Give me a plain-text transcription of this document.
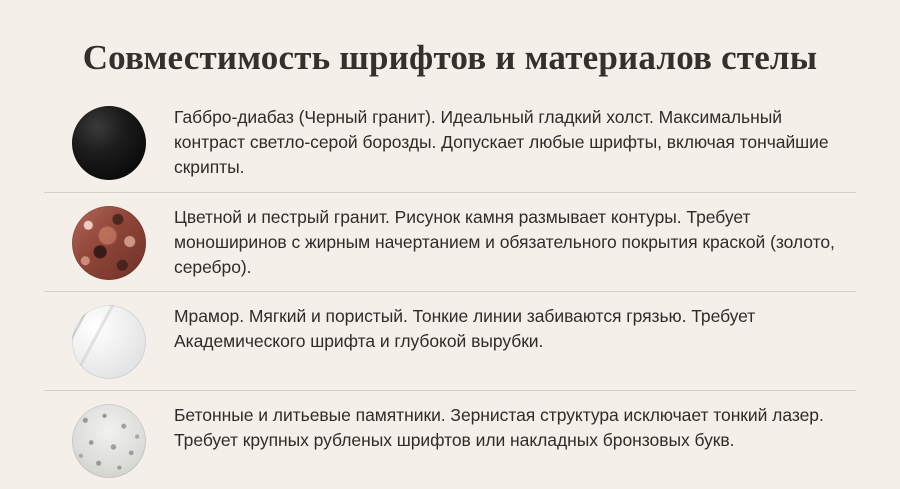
Совместимость шрифтов и материалов стелы
Габбро-диабаз (Черный гранит). Идеальный гладкий холст. Максимальный контраст светло-серой борозды. Допускает любые шрифты, включая тончайшие скрипты.
Цветной и пестрый гранит. Рисунок камня размывает контуры. Требует моноширинов с жирным начертанием и обязательного покрытия краской (золото, серебро).
Мрамор. Мягкий и пористый. Тонкие линии забиваются грязью. Требует Академического шрифта и глубокой вырубки.
Бетонные и литьевые памятники. Зернистая структура исключает тонкий лазер. Требует крупных рубленых шрифтов или накладных бронзовых букв.
